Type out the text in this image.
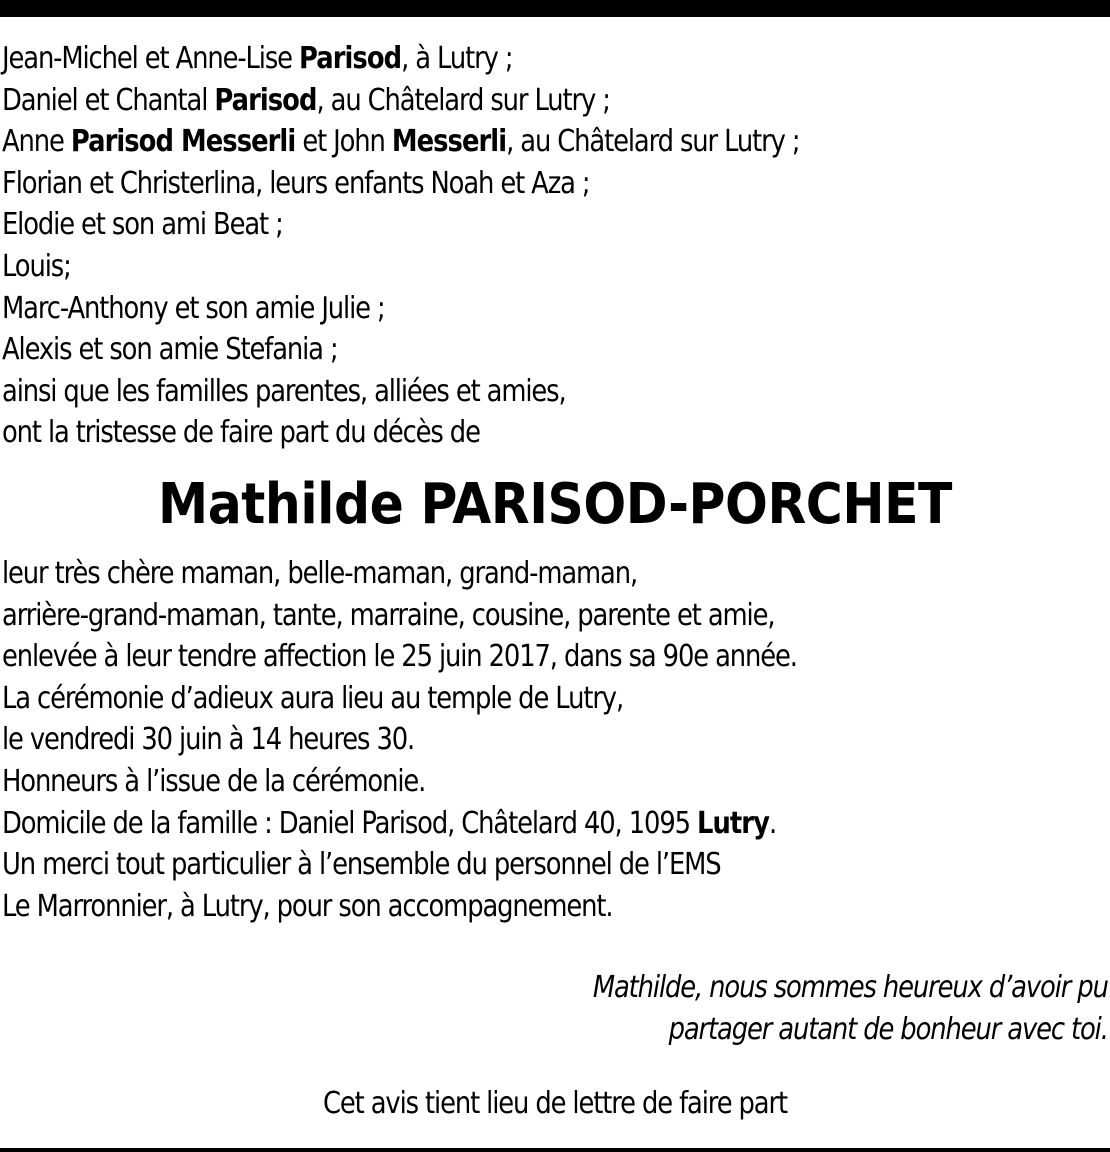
Jean-Michel et Anne-Lise Parisod, à Lutry ;
Daniel et Chantal Parisod, au Châtelard sur Lutry ;
Anne Parisod Messerli et John Messerli, au Châtelard sur Lutry ;
Florian et Christerlina, leurs enfants Noah et Aza ;
Elodie et son ami Beat ;
Louis;
Marc-Anthony et son amie Julie ;
Alexis et son amie Stefania ;
ainsi que les familles parentes, alliées et amies,
ont la tristesse de faire part du décès de
Mathilde PARISOD-PORCHET
leur très chère maman, belle-maman, grand-maman,
arrière-grand-maman, tante, marraine, cousine, parente et amie,
enlevée à leur tendre affection le 25 juin 2017, dans sa 90e année.
La cérémonie d’adieux aura lieu au temple de Lutry,
le vendredi 30 juin à 14 heures 30.
Honneurs à l’issue de la cérémonie.
Domicile de la famille : Daniel Parisod, Châtelard 40, 1095 Lutry.
Un merci tout particulier à l’ensemble du personnel de l’EMS
Le Marronnier, à Lutry, pour son accompagnement.
Mathilde, nous sommes heureux d’avoir pu
partager autant de bonheur avec toi.
Cet avis tient lieu de lettre de faire part
